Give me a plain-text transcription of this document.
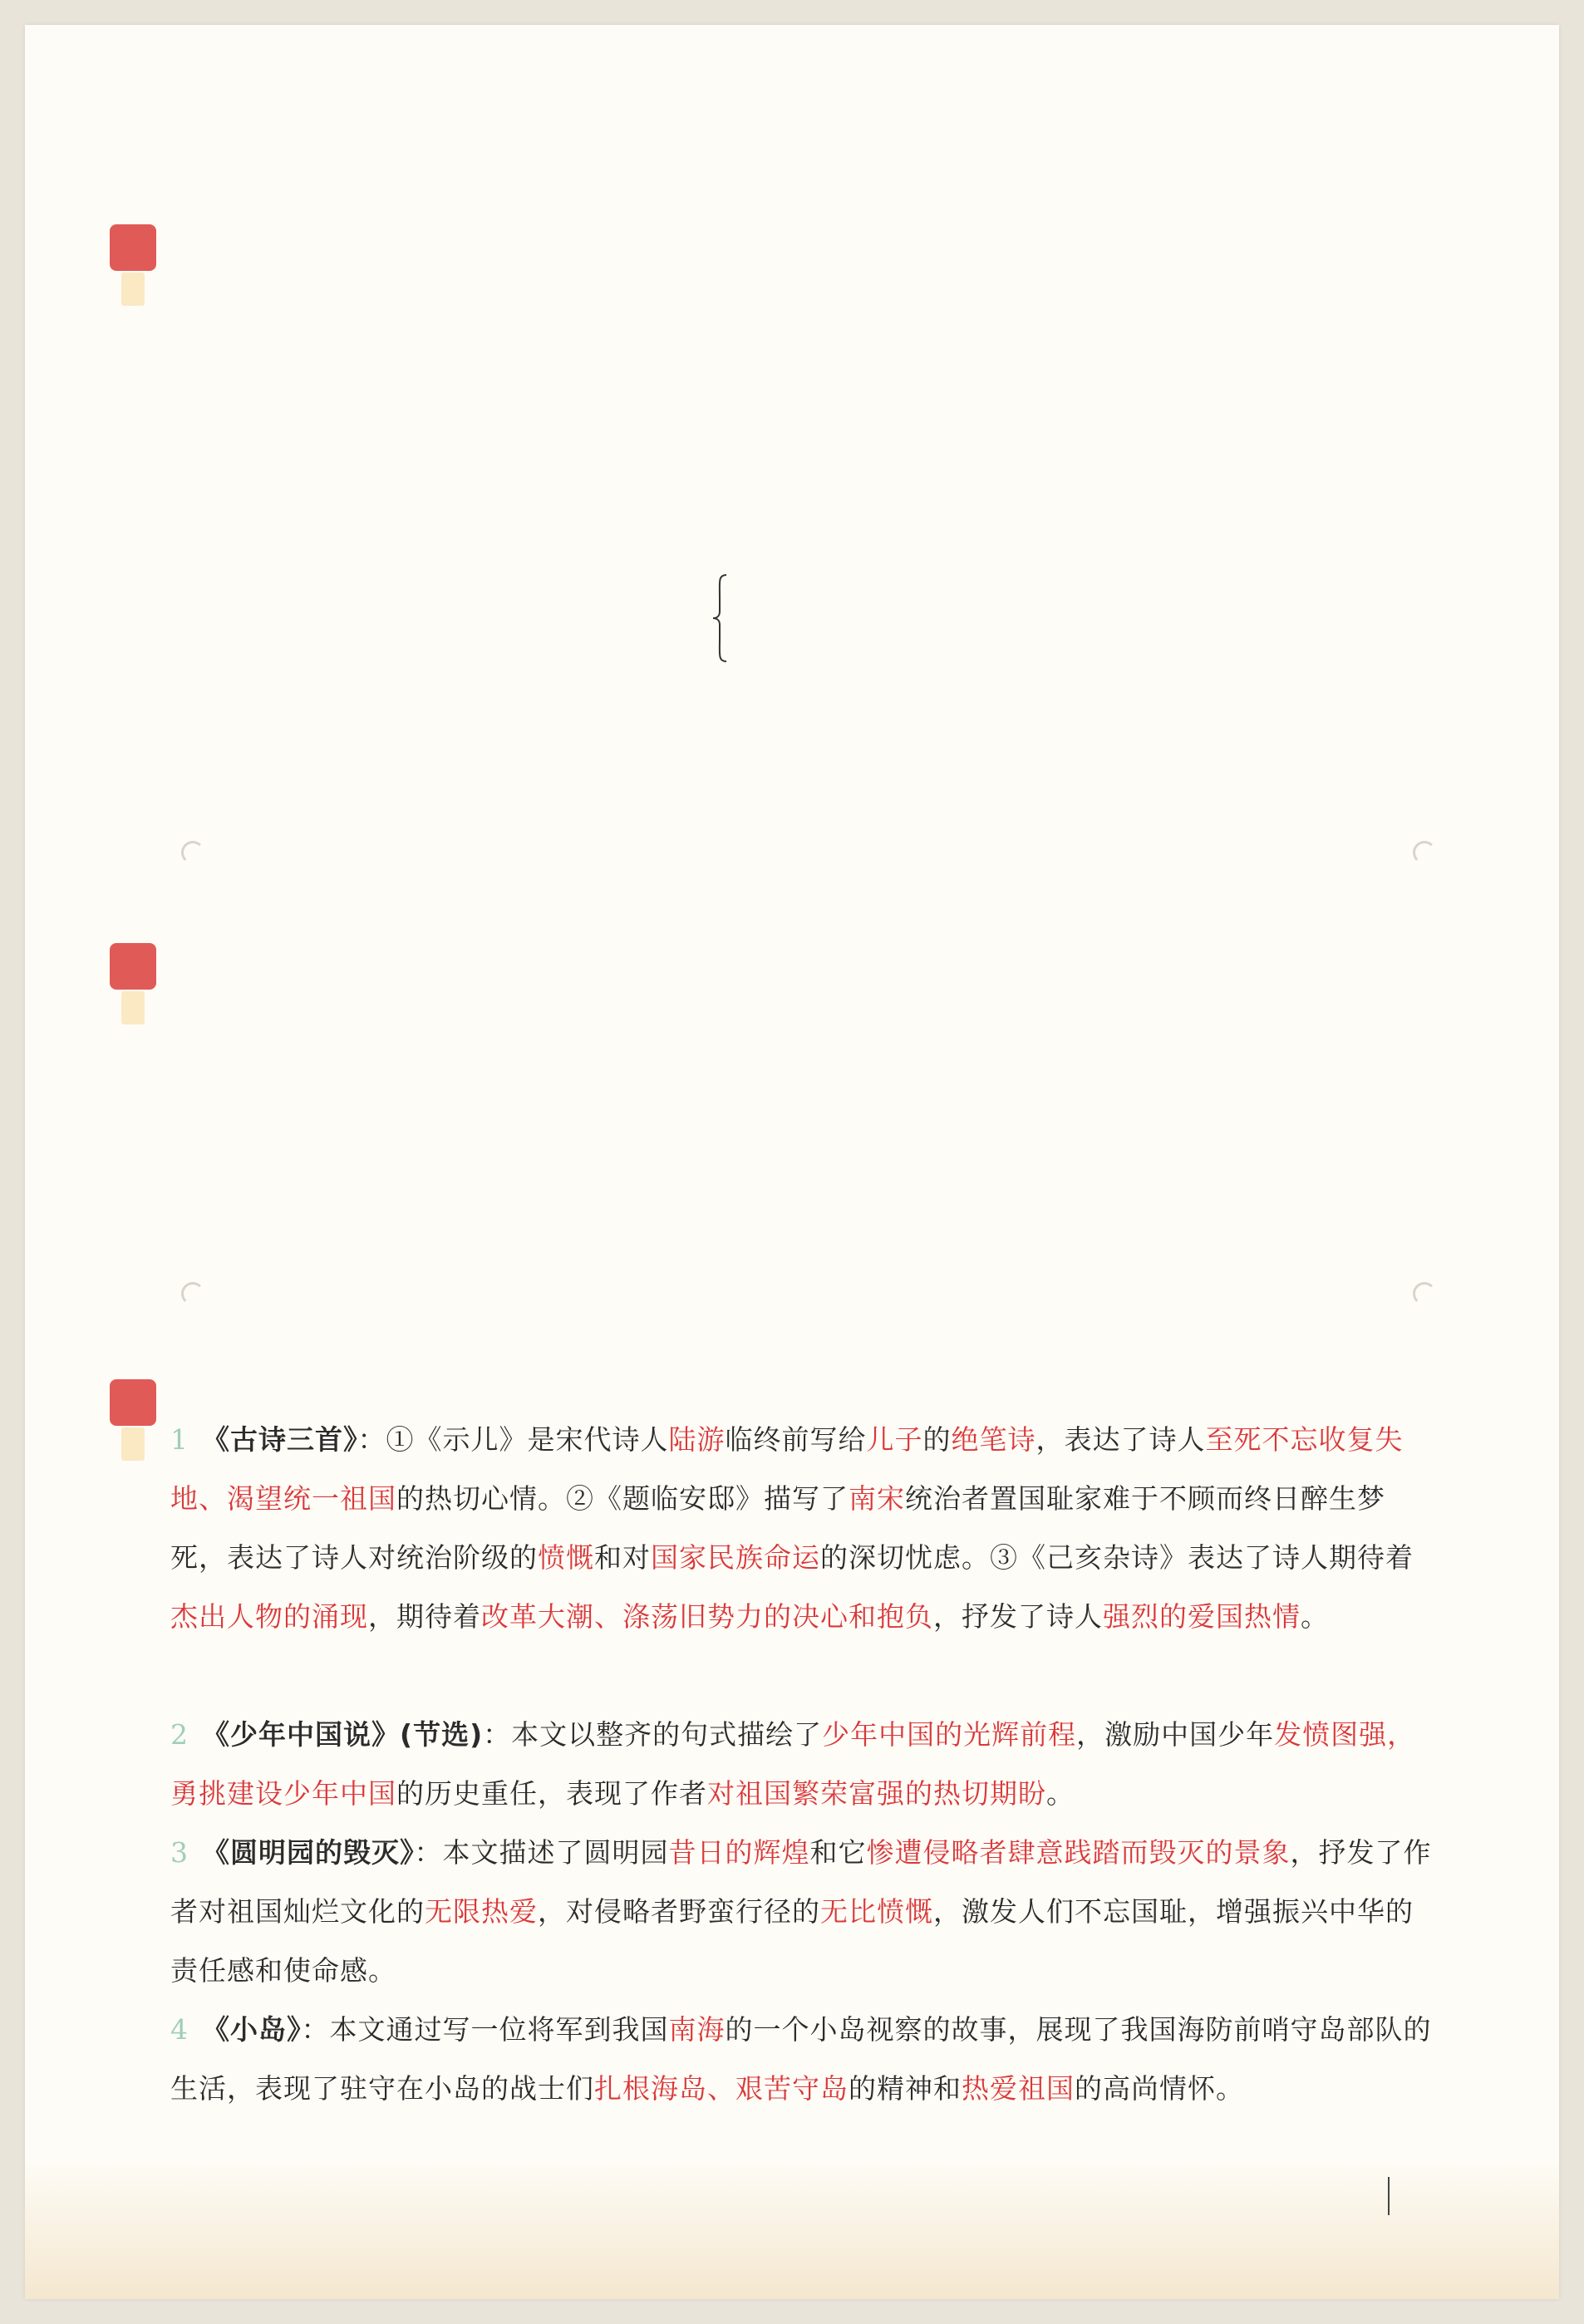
1 《古诗三首》：①《示儿》是宋代诗人陆游临终前写给儿子的绝笔诗，表达了诗人至死不忘收复失地、渴望统一祖国的热切心情。②《题临安邸》描写了南宋统治者置国耻家难于不顾而终日醉生梦死，表达了诗人对统治阶级的愤慨和对国家民族命运的深切忧虑。③《己亥杂诗》表达了诗人期待着杰出人物的涌现，期待着改革大潮、涤荡旧势力的决心和抱负，抒发了诗人强烈的爱国热情。
2 《少年中国说》(节选)：本文以整齐的句式描绘了少年中国的光辉前程，激励中国少年发愤图强，勇挑建设少年中国的历史重任，表现了作者对祖国繁荣富强的热切期盼。
3 《圆明园的毁灭》：本文描述了圆明园昔日的辉煌和它惨遭侵略者肆意践踏而毁灭的景象，抒发了作者对祖国灿烂文化的无限热爱，对侵略者野蛮行径的无比愤慨，激发人们不忘国耻，增强振兴中华的责任感和使命感。
4 《小岛》：本文通过写一位将军到我国南海的一个小岛视察的故事，展现了我国海防前哨守岛部队的生活，表现了驻守在小岛的战士们扎根海岛、艰苦守岛的精神和热爱祖国的高尚情怀。
